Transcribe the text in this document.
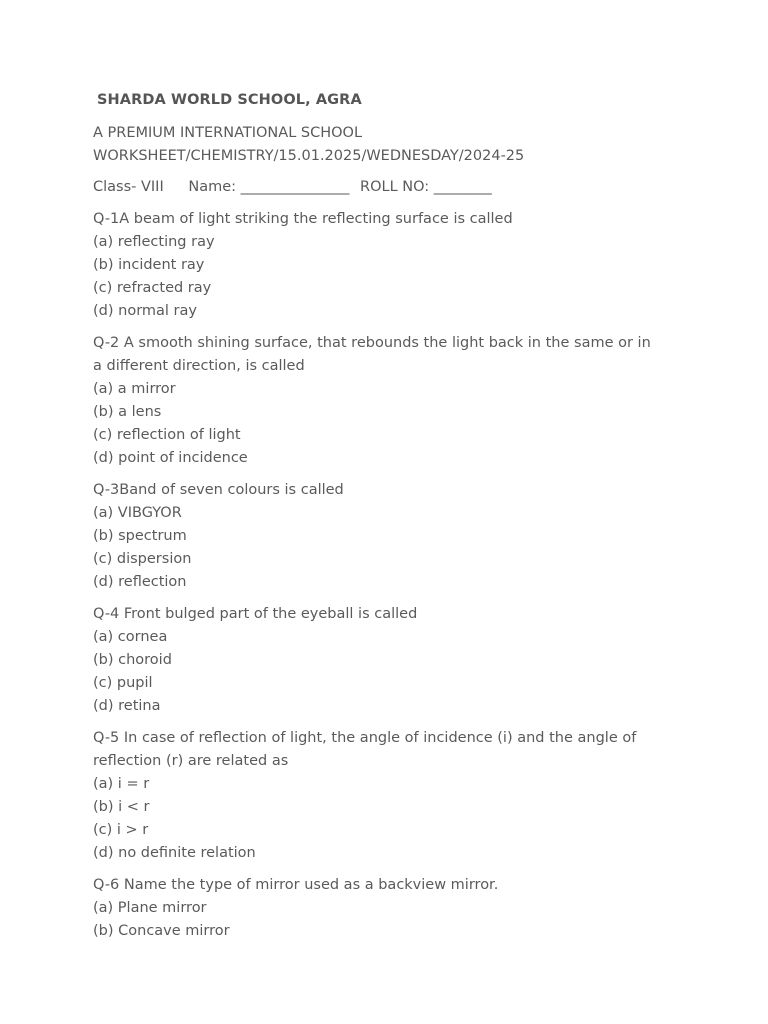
SHARDA WORLD SCHOOL, AGRA

A PREMIUM INTERNATIONAL SCHOOL

WORKSHEET/CHEMISTRY/15.01.2025/WEDNESDAY/2024-25

Class- VIII Name: _______________ ROLL NO: ________

Q-1A beam of light striking the reflecting surface is called

(a) reflecting ray
(b) incident ray
(c) refracted ray
(d) normal ray

Q-2 A smooth shining surface, that rebounds the light back in the same or in a different direction, is called

(a) a mirror
(b) a lens
(c) reflection of light
(d) point of incidence

Q-3Band of seven colours is called

(a) VIBGYOR
(b) spectrum
(c) dispersion
(d) reflection

Q-4 Front bulged part of the eyeball is called

(a) cornea
(b) choroid
(c) pupil
(d) retina

Q-5 In case of reflection of light, the angle of incidence (i) and the angle of reflection (r) are related as

(a) i = r
(b) i < r
(c) i > r
(d) no definite relation

Q-6 Name the type of mirror used as a backview mirror.

(a) Plane mirror
(b) Concave mirror
